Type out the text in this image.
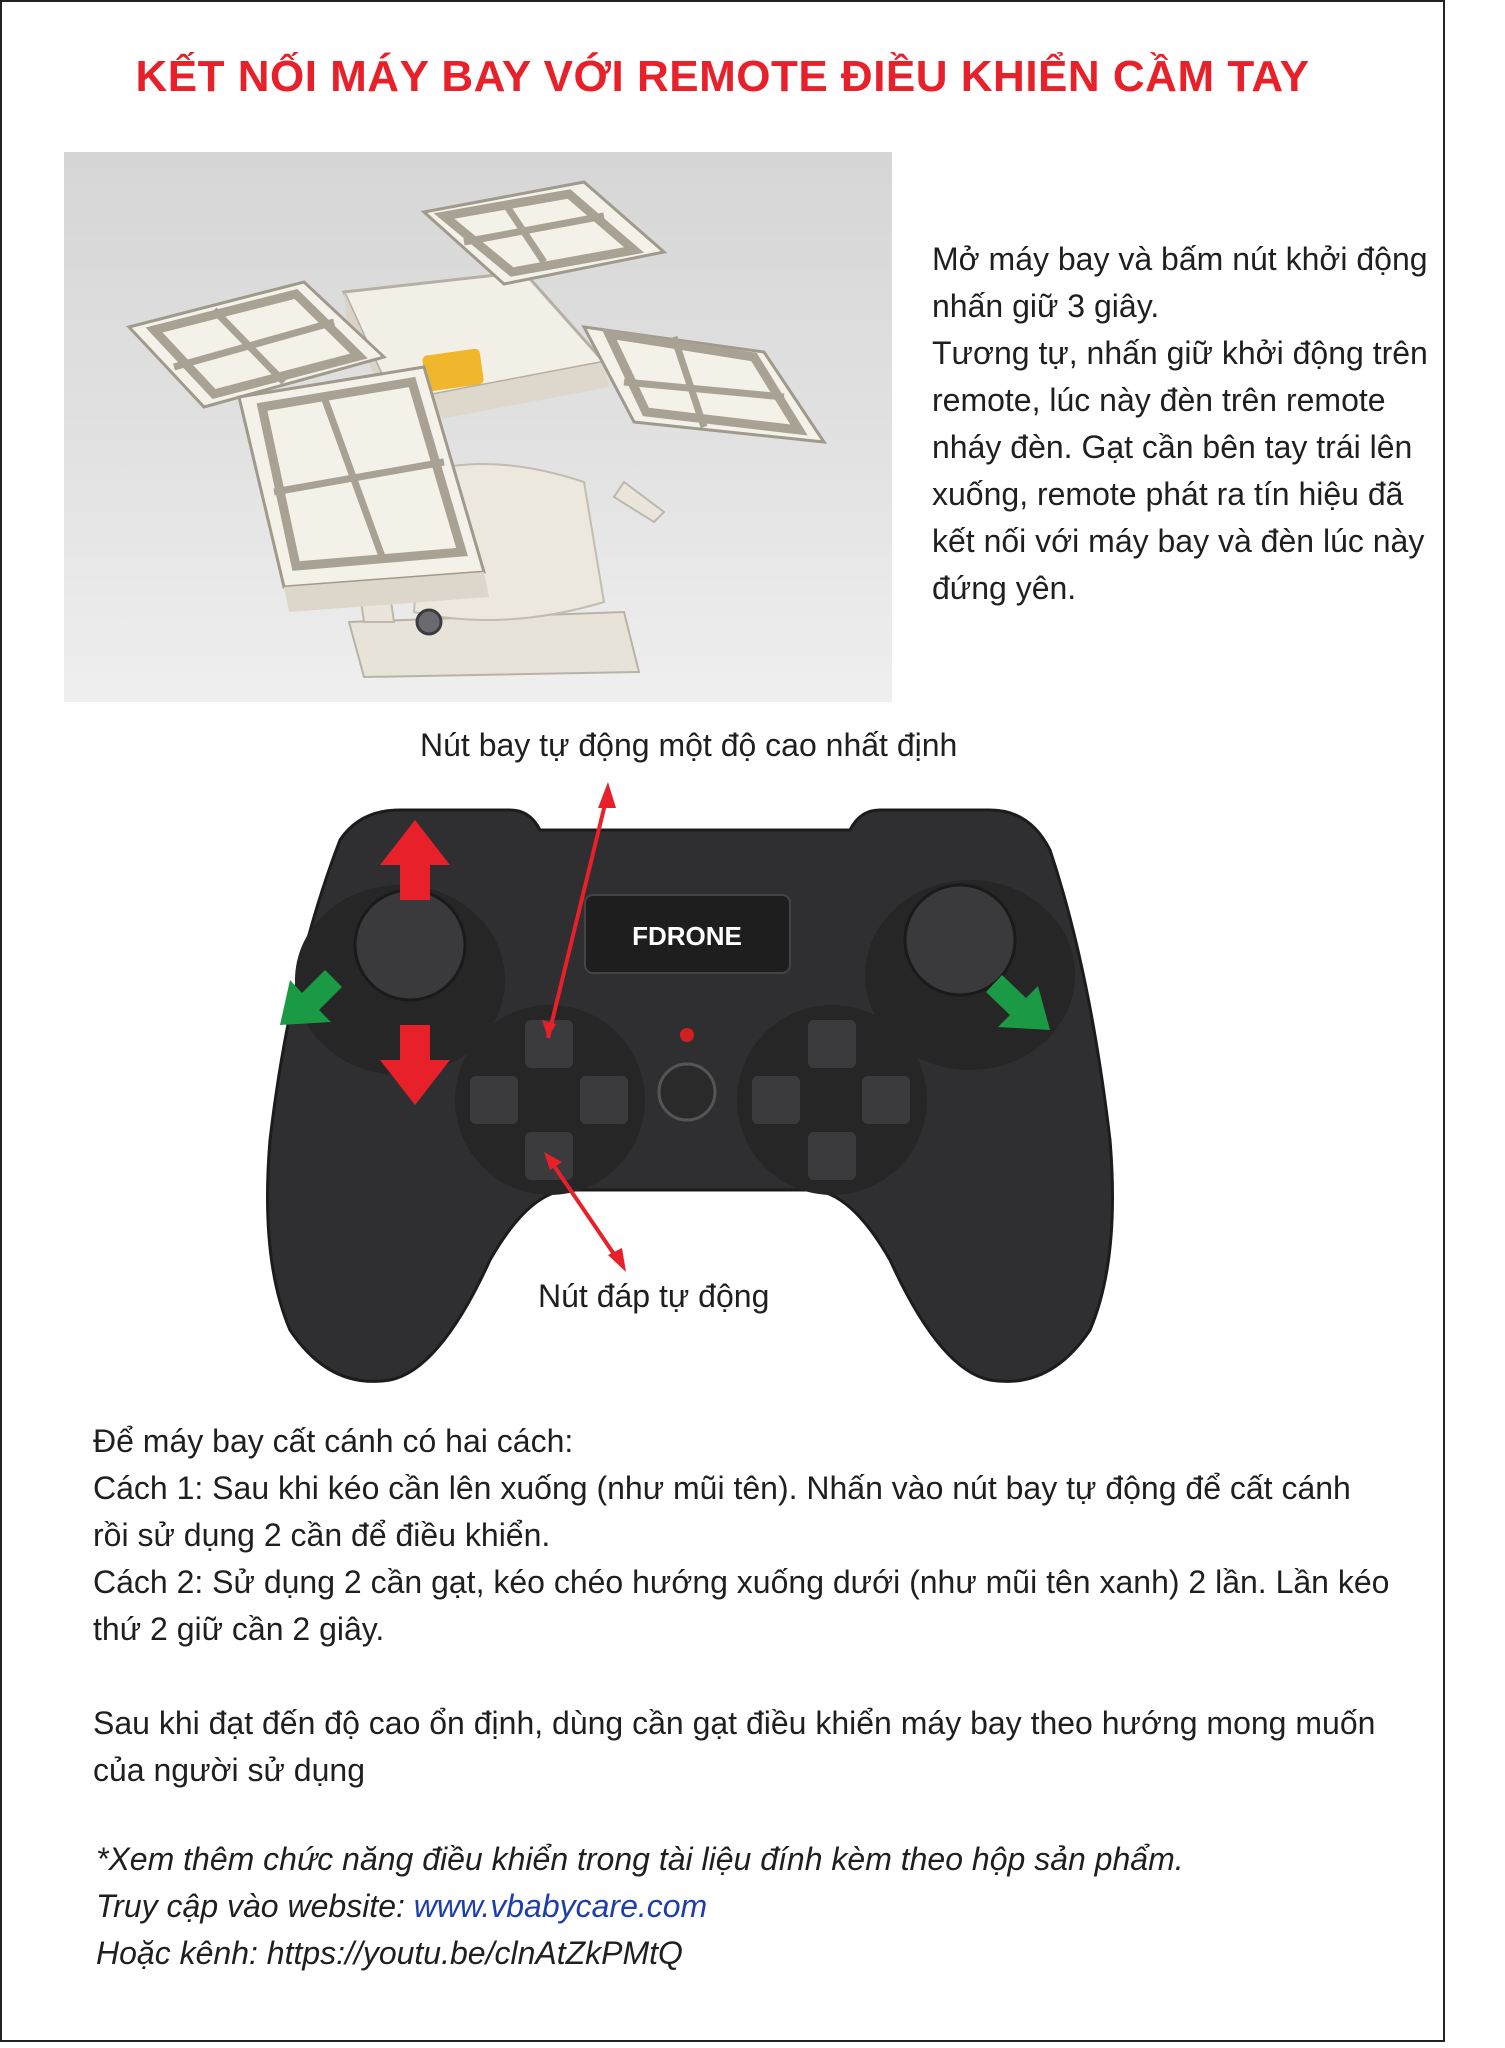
KẾT NỐI MÁY BAY VỚI REMOTE ĐIỀU KHIỂN CẦM TAY

Mở máy bay và bấm nút khởi động nhấn giữ 3 giây.

Tương tự, nhấn giữ khởi động trên remote, lúc này đèn trên remote nháy đèn. Gạt cần bên tay trái lên xuống, remote phát ra tín hiệu đã kết nối với máy bay và đèn lúc này đứng yên.

FDRONE
Nút bay tự động một độ cao nhất định
Nút đáp tự động

Để máy bay cất cánh có hai cách:

Cách 1: Sau khi kéo cần lên xuống (như mũi tên). Nhấn vào nút bay tự động để cất cánh rồi sử dụng 2 cần để điều khiển.

Cách 2: Sử dụng 2 cần gạt, kéo chéo hướng xuống dưới (như mũi tên xanh) 2 lần. Lần kéo thứ 2 giữ cần 2 giây.

Sau khi đạt đến độ cao ổn định, dùng cần gạt điều khiển máy bay theo hướng mong muốn của người sử dụng

*Xem thêm chức năng điều khiển trong tài liệu đính kèm theo hộp sản phẩm.

Truy cập vào website: www.vbabycare.com

Hoặc kênh: https://youtu.be/clnAtZkPMtQ
